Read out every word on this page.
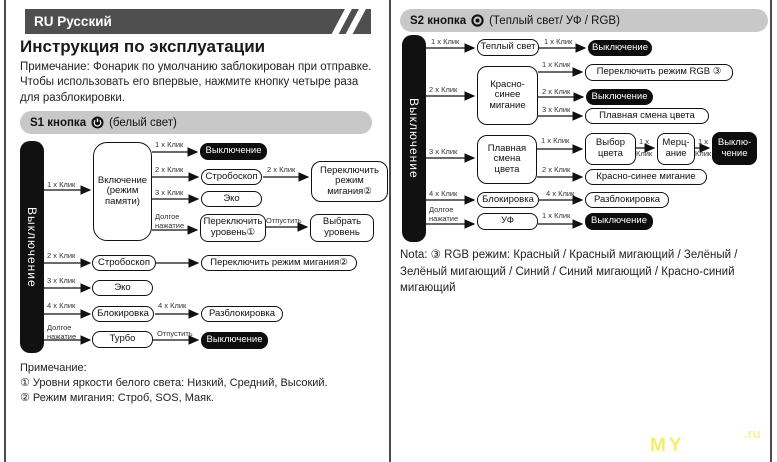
RU Русский
Инструкция по эксплуатации
Примечание: Фонарик по умолчанию заблокирован при отправке. Чтобы использовать его впервые, нажмите кнопку четыре раза для разблокировки.
S1 кнопка (белый свет)
Выключение
Включение (режим памяти)
Выключение
Стробоскоп
Переключить режим мигания②
Эко
Переключить уровень①
Выбрать уровень
Стробоскоп	Переключить режим мигания②
Эко
Блокировка	Разблокировка
Турбо	Выключение
1 x Клик
1 x Клик
2 x Клик
3 x Клик
Долгое
нажатие
2 x Клик
Отпустить
2 x Клик
3 x Клик
4 x Клик	4 x Клик
Долгое
нажатие	Отпустить
Примечание:
① Уровни яркости белого света: Низкий, Средний, Высокий.
② Режим мигания: Строб, SOS, Маяк.
S2 кнопка (Теплый свет/ УФ / RGB)
Выключение
Теплый свет	Выключение
Красно-синее мигание
Переключить режим RGB ③
Выключение
Плавная смена цвета
Плавная смена цвета
Выбор цвета
Мерц-ание
Выклю-чение
Красно-синее мигание
Блокировка	Разблокировка
УФ	Выключение
1 x Клик	1 x Клик
2 x Клик
1 x Клик
2 x Клик
3 x Клик
3 x Клик
1 x Клик	1 x
Клик
1 x
Клик
2 x Клик
4 x Клик	4 x Клик
Долгое
нажатие	1 x Клик
Nota: ③ RGB режим: Красный / Красный мигающий / Зелёный / Зелёный мигающий / Синий / Синий мигающий / Красно-синий мигающий
MY
.ru
